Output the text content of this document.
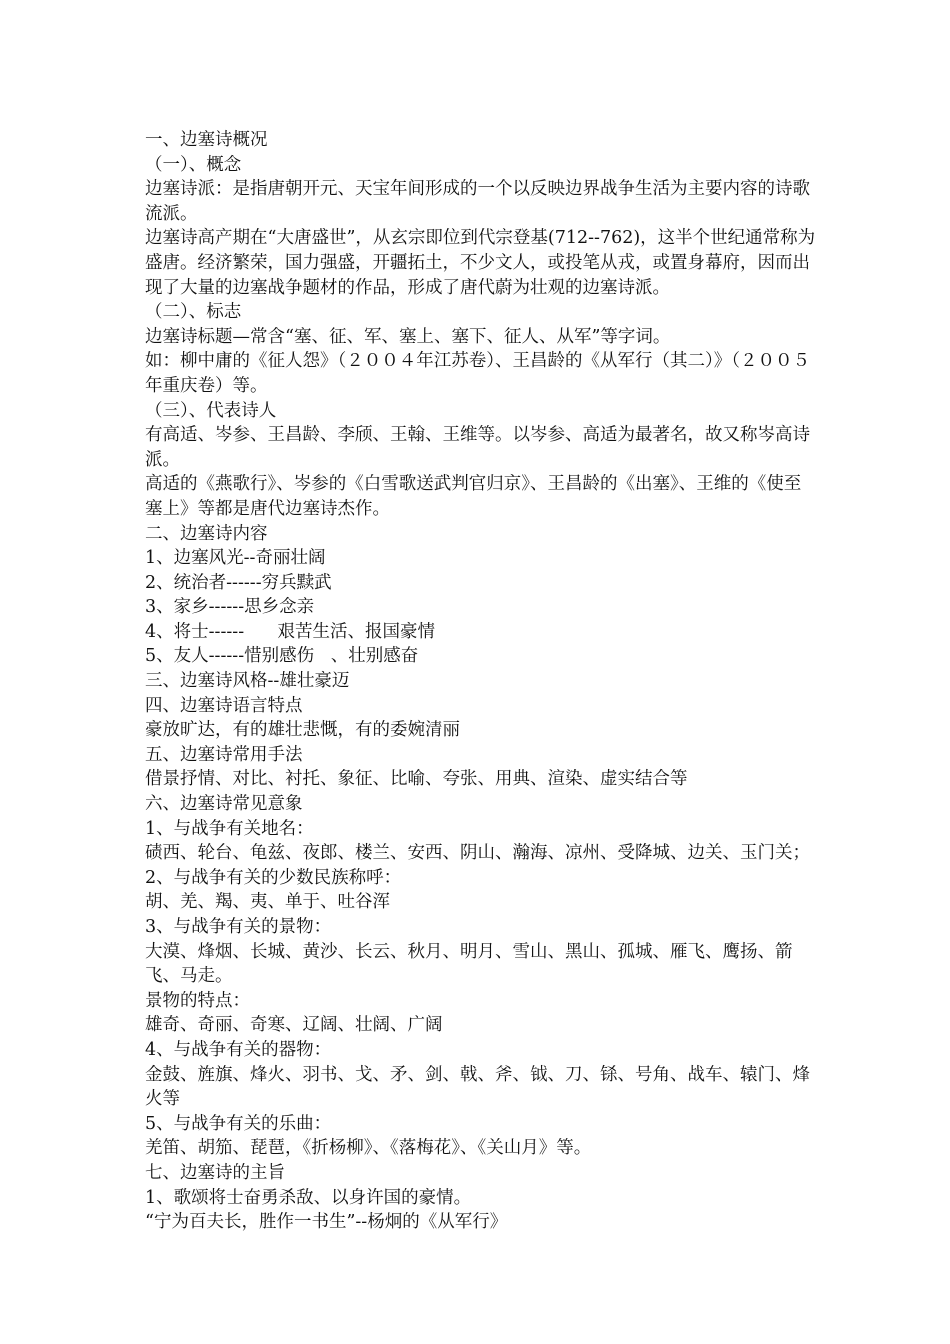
一、边塞诗概况

（一）、概念

边塞诗派：是指唐朝开元、天宝年间形成的一个以反映边界战争生活为主要内容的诗歌流派。

边塞诗高产期在“大唐盛世”，从玄宗即位到代宗登基(712--762)，这半个世纪通常称为盛唐。经济繁荣，国力强盛，开疆拓土，不少文人，或投笔从戎，或置身幕府，因而出现了大量的边塞战争题材的作品，形成了唐代蔚为壮观的边塞诗派。

（二）、标志

边塞诗标题—常含“塞、征、军、塞上、塞下、征人、从军”等字词。

如：柳中庸的《征人怨》（２００４年江苏卷）、王昌龄的《从军行（其二）》（２００５年重庆卷）等。

（三）、代表诗人

有高适、岑参、王昌龄、李颀、王翰、王维等。以岑参、高适为最著名，故又称岑高诗派。

高适的《燕歌行》、岑参的《白雪歌送武判官归京》、王昌龄的《出塞》、王维的《使至塞上》等都是唐代边塞诗杰作。

二、边塞诗内容

1、边塞风光--奇丽壮阔

2、统治者------穷兵黩武

3、家乡------思乡念亲

4、将士------      艰苦生活、报国豪情

5、友人------惜别感伤   、壮别感奋

三、边塞诗风格--雄壮豪迈

四、边塞诗语言特点

豪放旷达，有的雄壮悲慨，有的委婉清丽

五、边塞诗常用手法

借景抒情、对比、衬托、象征、比喻、夸张、用典、渲染、虚实结合等

六、边塞诗常见意象

1、与战争有关地名：

碛西、轮台、龟兹、夜郎、楼兰、安西、阴山、瀚海、凉州、受降城、边关、玉门关；

2、与战争有关的少数民族称呼：

胡、羌、羯、夷、单于、吐谷浑

3、与战争有关的景物：

大漠、烽烟、长城、黄沙、长云、秋月、明月、雪山、黑山、孤城、雁飞、鹰扬、箭飞、马走。

景物的特点：

雄奇、奇丽、奇寒、辽阔、壮阔、广阔

4、与战争有关的器物：

金鼓、旌旗、烽火、羽书、戈、矛、剑、戟、斧、钺、刀、铩、号角、战车、辕门、烽火等

5、与战争有关的乐曲：

羌笛、胡笳、琵琶，《折杨柳》、《落梅花》、《关山月》等。

七、边塞诗的主旨

1、歌颂将士奋勇杀敌、以身许国的豪情。

“宁为百夫长，胜作一书生”--杨炯的《从军行》
